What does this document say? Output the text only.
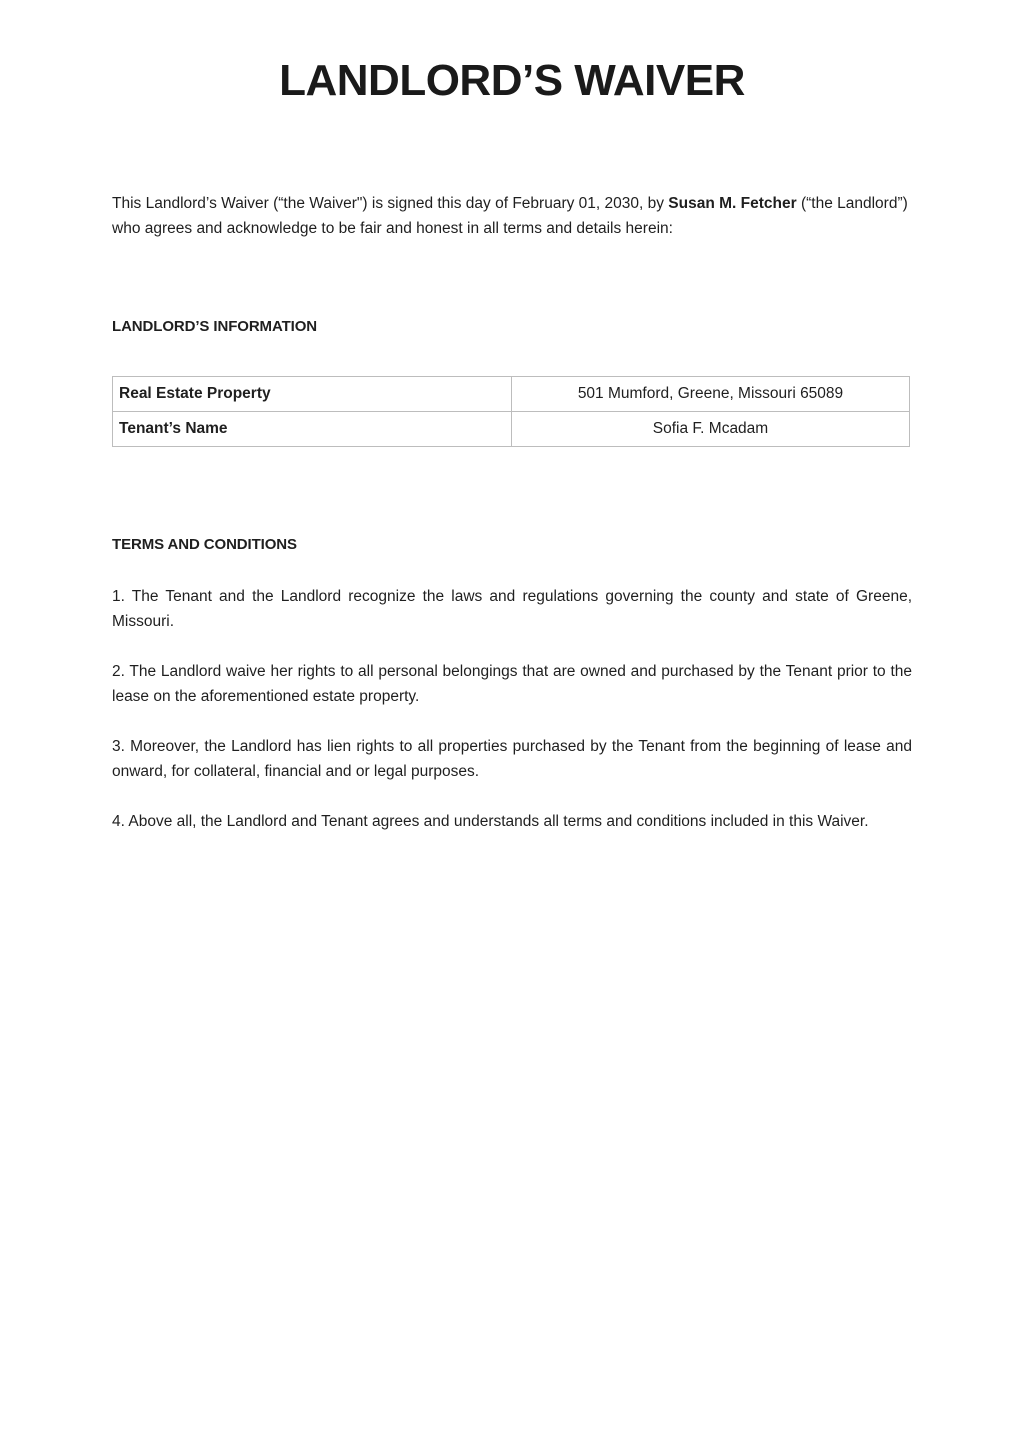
LANDLORD’S WAIVER

This Landlord’s Waiver (“the Waiver") is signed this day of February 01, 2030, by Susan M. Fetcher (“the Landlord”) who agrees and acknowledge to be fair and honest in all terms and details herein:

LANDLORD’S INFORMATION
Real Estate Property	501 Mumford, Greene, Missouri 65089
Tenant’s Name	Sofia F. Mcadam
TERMS AND CONDITIONS

1. The Tenant and the Landlord recognize the laws and regulations governing the county and state of Greene, Missouri.

2. The Landlord waive her rights to all personal belongings that are owned and purchased by the Tenant prior to the lease on the aforementioned estate property.

3. Moreover, the Landlord has lien rights to all properties purchased by the Tenant from the beginning of lease and onward, for collateral, financial and or legal purposes.

4. Above all, the Landlord and Tenant agrees and understands all terms and conditions included in this Waiver.
